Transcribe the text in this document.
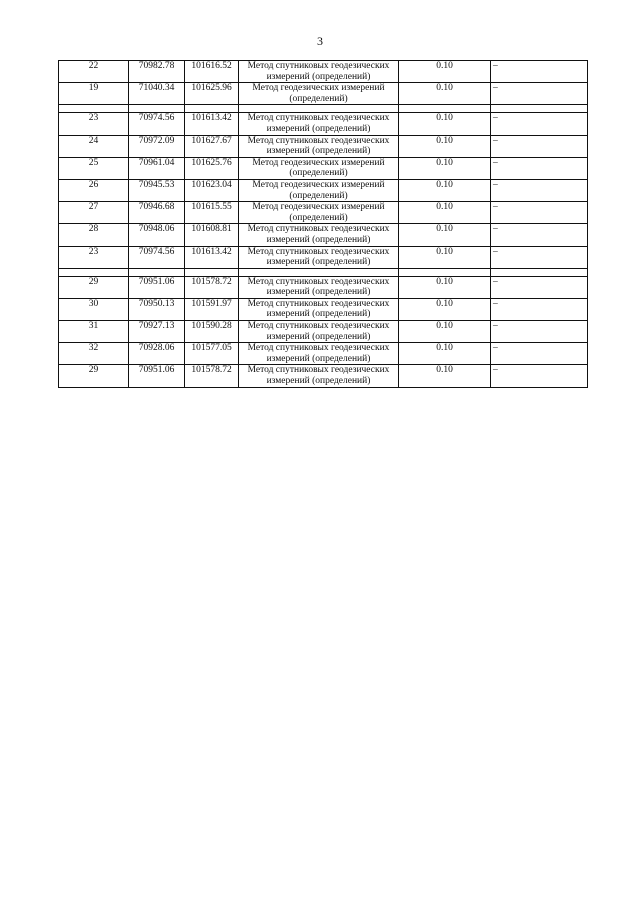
3
22	70982.78	101616.52	Метод спутниковых геодезических измерений (определений)	0.10	–
19	71040.34	101625.96	Метод геодезических измерений (определений)	0.10	–

23	70974.56	101613.42	Метод спутниковых геодезических измерений (определений)	0.10	–
24	70972.09	101627.67	Метод спутниковых геодезических измерений (определений)	0.10	–
25	70961.04	101625.76	Метод геодезических измерений (определений)	0.10	–
26	70945.53	101623.04	Метод геодезических измерений (определений)	0.10	–
27	70946.68	101615.55	Метод геодезических измерений (определений)	0.10	–
28	70948.06	101608.81	Метод спутниковых геодезических измерений (определений)	0.10	–
23	70974.56	101613.42	Метод спутниковых геодезических измерений (определений)	0.10	–

29	70951.06	101578.72	Метод спутниковых геодезических измерений (определений)	0.10	–
30	70950.13	101591.97	Метод спутниковых геодезических измерений (определений)	0.10	–
31	70927.13	101590.28	Метод спутниковых геодезических измерений (определений)	0.10	–
32	70928.06	101577.05	Метод спутниковых геодезических измерений (определений)	0.10	–
29	70951.06	101578.72	Метод спутниковых геодезических измерений (определений)	0.10	–
